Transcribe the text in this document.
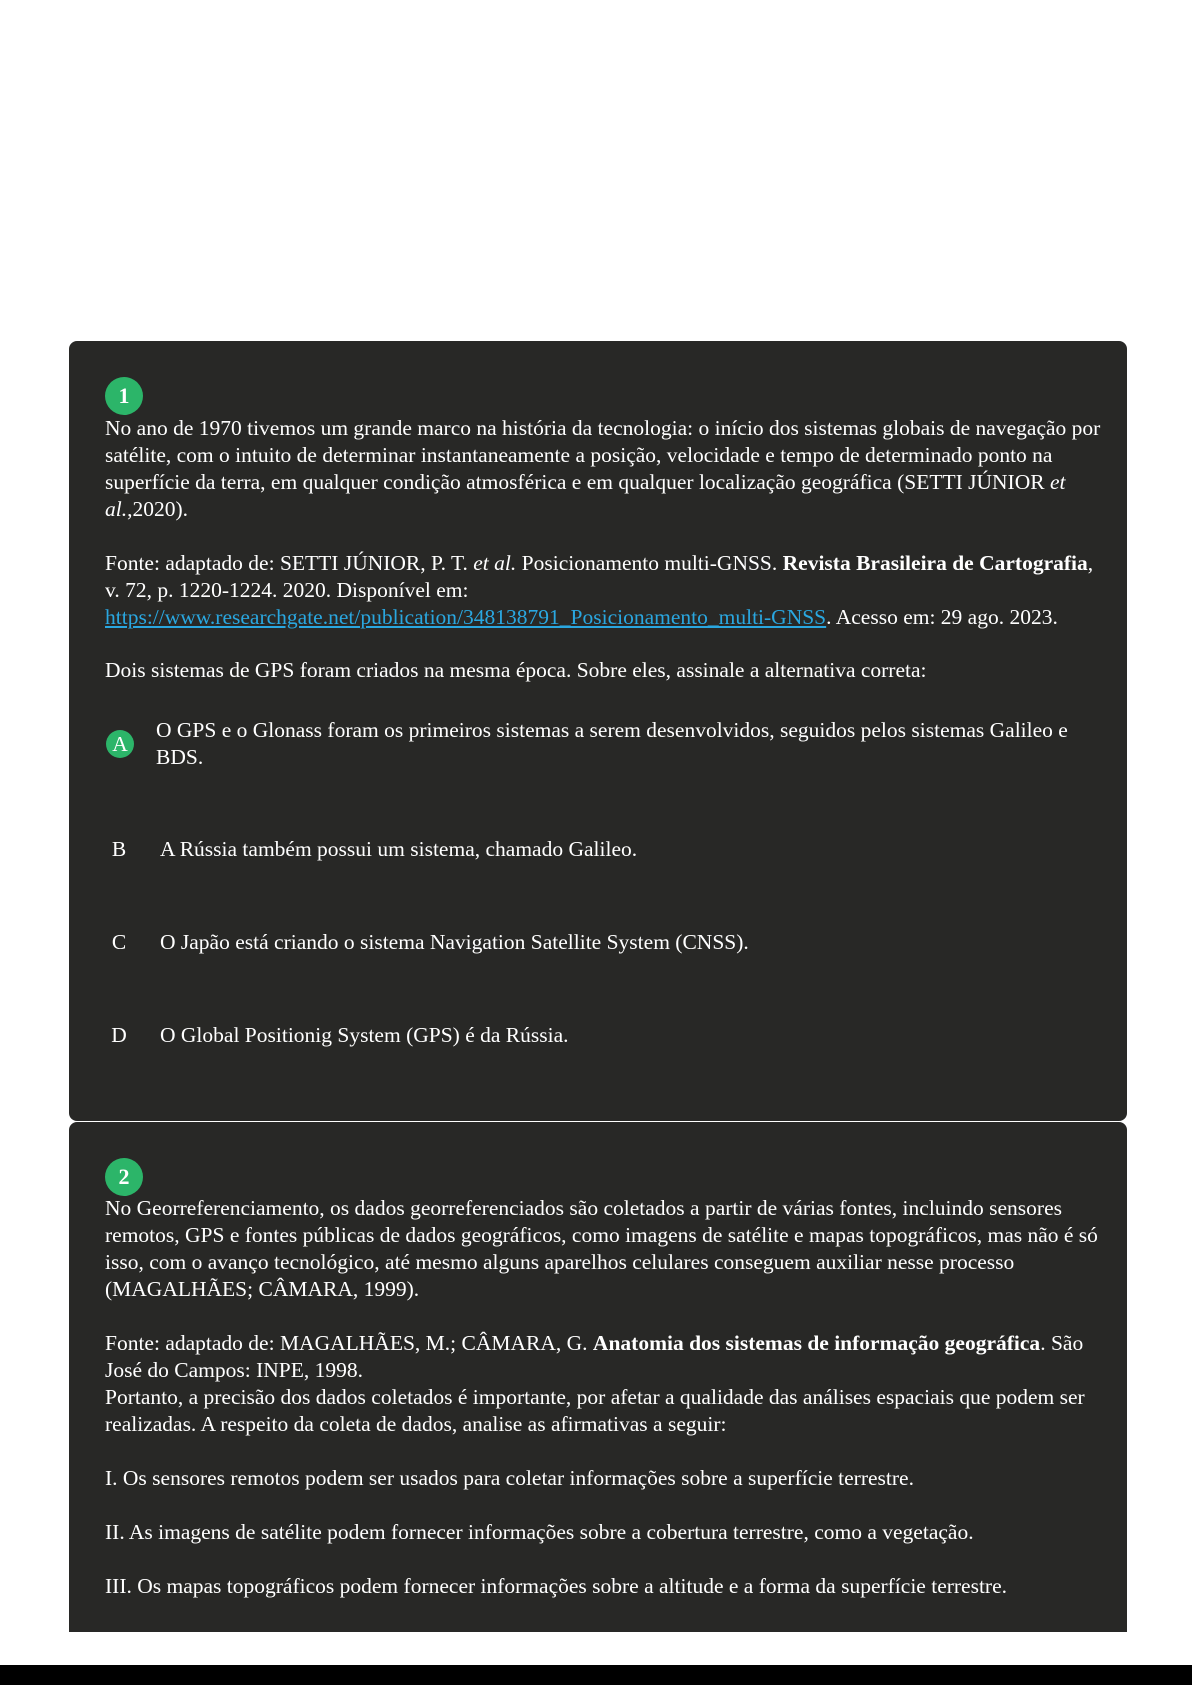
1

No ano de 1970 tivemos um grande marco na história da tecnologia: o início dos sistemas globais de navegação por satélite, com o intuito de determinar instantaneamente a posição, velocidade e tempo de determinado ponto na superfície da terra, em qualquer condição atmosférica e em qualquer localização geográfica (SETTI JÚNIOR et al.,2020).

Fonte: adaptado de: SETTI JÚNIOR, P. T. et al. Posicionamento multi-GNSS. Revista Brasileira de Cartografia, v. 72, p. 1220-1224. 2020. Disponível em:
https://www.researchgate.net/publication/348138791_Posicionamento_multi-GNSS. Acesso em: 29 ago. 2023.

Dois sistemas de GPS foram criados na mesma época. Sobre eles, assinale a alternativa correta:

A
O GPS e o Glonass foram os primeiros sistemas a serem desenvolvidos, seguidos pelos sistemas Galileo e BDS.
B	A Rússia também possui um sistema, chamado Galileo.
C	O Japão está criando o sistema Navigation Satellite System (CNSS).
D O Global Positionig System (GPS) é da Rússia.
2

No Georreferenciamento, os dados georreferenciados são coletados a partir de várias fontes, incluindo sensores remotos, GPS e fontes públicas de dados geográficos, como imagens de satélite e mapas topográficos, mas não é só isso, com o avanço tecnológico, até mesmo alguns aparelhos celulares conseguem auxiliar nesse processo (MAGALHÃES; CÂMARA, 1999).

Fonte: adaptado de: MAGALHÃES, M.; CÂMARA, G. Anatomia dos sistemas de informação geográfica. São José do Campos: INPE, 1998.

Portanto, a precisão dos dados coletados é importante, por afetar a qualidade das análises espaciais que podem ser realizadas. A respeito da coleta de dados, analise as afirmativas a seguir:

I. Os sensores remotos podem ser usados para coletar informações sobre a superfície terrestre.

II. As imagens de satélite podem fornecer informações sobre a cobertura terrestre, como a vegetação.

III. Os mapas topográficos podem fornecer informações sobre a altitude e a forma da superfície terrestre.
